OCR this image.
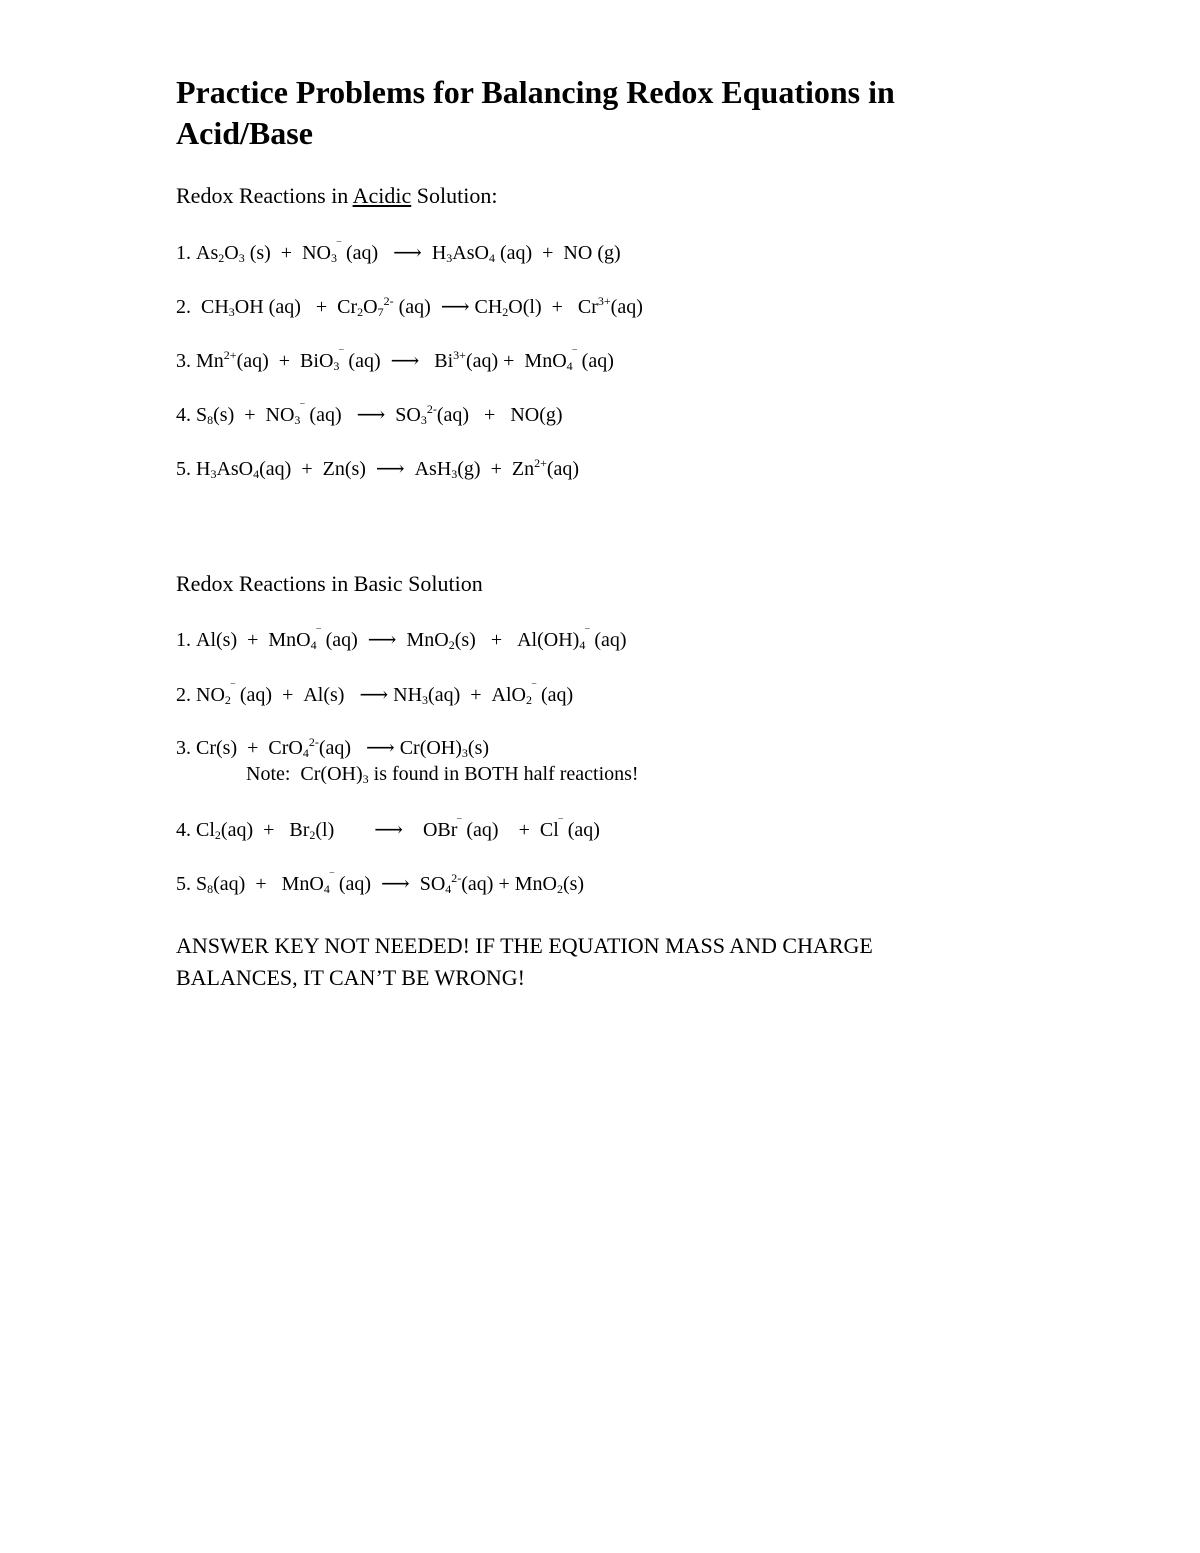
Practice Problems for Balancing Redox Equations in Acid/Base
Redox Reactions in Acidic Solution:
1. $As_2O_3$ $(s) + NO_3^‾$ (aq)   ⟶  $H_3AsO_4$ (aq)  +  NO (g)
2.  $CH_3OH$ $(aq) + Cr_2O_7^{2-}$ (aq)  ⟶ $CH_2O(l) + Cr^{3+}(aq)$
3. $Mn^{2+}(aq) + BiO_3^‾$ (aq)  ⟶   $Bi^{3+}(aq) + MnO_4^‾$ (aq)
4. $S_8(s) + NO_3^‾$ (aq)   ⟶  $SO_3^{2-}(aq) + NO(g)$
5. $H_3AsO_4(aq) + Zn(s)$  ⟶  $AsH_3(g) + Zn^{2+}(aq)$
Redox Reactions in Basic Solution
1. Al(s)  +  MnO$_4$‾ (aq)  ⟶  $MnO_2(s) + Al(OH)_4^‾$ (aq)
2. $NO_2^‾$ (aq)  +  Al(s)   ⟶ $NH_3(aq) + AlO_2^‾$ (aq)
3. Cr(s)  +  CrO$_4^{2-}$(aq)   ⟶ $Cr(OH)_3(s)$
Note:  $Cr(OH)_3$ is found in BOTH half reactions!
4. $Cl_2(aq) + Br_2(l)$        ⟶    OBr‾ (aq)    +  Cl‾ (aq)
5. $S_8(aq) + MnO_4^‾$ (aq)  ⟶  $SO_4^{2-}(aq) + MnO_2(s)$

ANSWER KEY NOT NEEDED! IF THE EQUATION MASS AND CHARGE BALANCES, IT CAN’T BE WRONG!
